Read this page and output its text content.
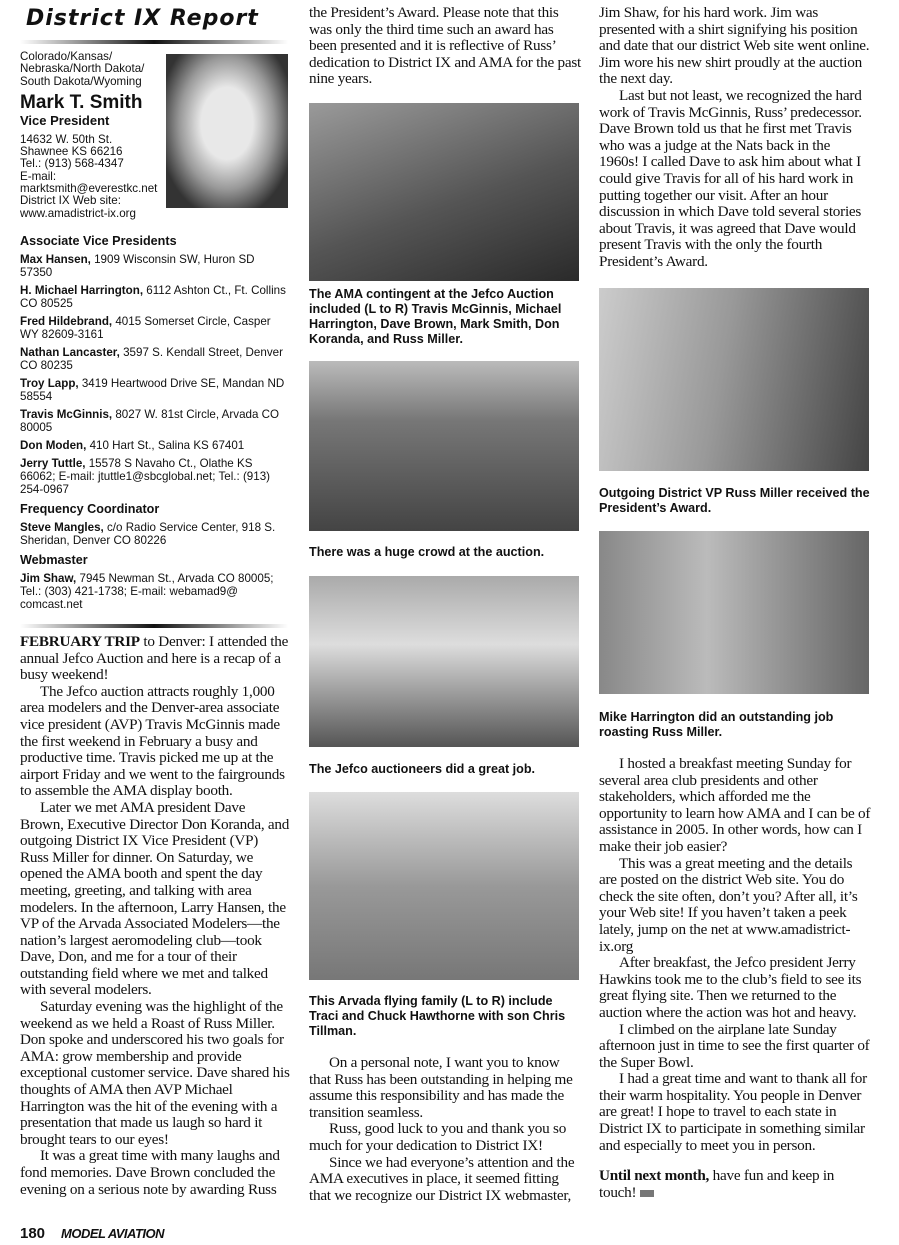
District IX Report
Colorado/Kansas/ Nebraska/North Dakota/ South Dakota/Wyoming
Mark T. Smith
Vice President
14632 W. 50th St.
Shawnee KS 66216
Tel.: (913) 568-4347
E-mail:
marktsmith@everestkc.net
District IX Web site:
www.amadistrict-ix.org
Associate Vice Presidents
Max Hansen, 1909 Wisconsin SW, Huron SD 57350
H. Michael Harrington, 6112 Ashton Ct., Ft. Collins CO 80525
Fred Hildebrand, 4015 Somerset Circle, Casper WY 82609-3161
Nathan Lancaster, 3597 S. Kendall Street, Denver CO 80235
Troy Lapp, 3419 Heartwood Drive SE, Mandan ND 58554
Travis McGinnis, 8027 W. 81st Circle, Arvada CO 80005
Don Moden, 410 Hart St., Salina KS 67401
Jerry Tuttle, 15578 S Navaho Ct., Olathe KS 66062; E-mail: jtuttle1@sbcglobal.net; Tel.: (913) 254-0967
Frequency Coordinator
Steve Mangles, c/o Radio Service Center, 918 S. Sheridan, Denver CO 80226
Webmaster
Jim Shaw, 7945 Newman St., Arvada CO 80005; Tel.: (303) 421-1738; E-mail: webamad9@ comcast.net

FEBRUARY TRIP to Denver: I attended the annual Jefco Auction and here is a recap of a busy weekend!

The Jefco auction attracts roughly 1,000 area modelers and the Denver-area associate vice president (AVP) Travis McGinnis made the first weekend in February a busy and productive time. Travis picked me up at the airport Friday and we went to the fairgrounds to assemble the AMA display booth.

Later we met AMA president Dave Brown, Executive Director Don Koranda, and outgoing District IX Vice President (VP) Russ Miller for dinner. On Saturday, we opened the AMA booth and spent the day meeting, greeting, and talking with area modelers. In the afternoon, Larry Hansen, the VP of the Arvada Associated Modelers—the nation’s largest aeromodeling club—took Dave, Don, and me for a tour of their outstanding field where we met and talked with several modelers.

Saturday evening was the highlight of the weekend as we held a Roast of Russ Miller. Don spoke and underscored his two goals for AMA: grow membership and provide exceptional customer service. Dave shared his thoughts of AMA then AVP Michael Harrington was the hit of the evening with a presentation that made us laugh so hard it brought tears to our eyes!

It was a great time with many laughs and fond memories. Dave Brown concluded the evening on a serious note by awarding Russ

the President’s Award. Please note that this was only the third time such an award has been presented and it is reflective of Russ’ dedication to District IX and AMA for the past nine years.

The AMA contingent at the Jefco Auction included (L to R) Travis McGinnis, Michael Harrington, Dave Brown, Mark Smith, Don Koranda, and Russ Miller.
There was a huge crowd at the auction.
The Jefco auctioneers did a great job.
This Arvada flying family (L to R) include Traci and Chuck Hawthorne with son Chris Tillman.

On a personal note, I want you to know that Russ has been outstanding in helping me assume this responsibility and has made the transition seamless.

Russ, good luck to you and thank you so much for your dedication to District IX!

Since we had everyone’s attention and the AMA executives in place, it seemed fitting that we recognize our District IX webmaster,

Jim Shaw, for his hard work. Jim was presented with a shirt signifying his position and date that our district Web site went online. Jim wore his new shirt proudly at the auction the next day.

Last but not least, we recognized the hard work of Travis McGinnis, Russ’ predecessor. Dave Brown told us that he first met Travis who was a judge at the Nats back in the 1960s! I called Dave to ask him about what I could give Travis for all of his hard work in putting together our visit. After an hour discussion in which Dave told several stories about Travis, it was agreed that Dave would present Travis with the only the fourth President’s Award.

Outgoing District VP Russ Miller received the President’s Award.
Mike Harrington did an outstanding job roasting Russ Miller.

I hosted a breakfast meeting Sunday for several area club presidents and other stakeholders, which afforded me the opportunity to learn how AMA and I can be of assistance in 2005. In other words, how can I make their job easier?

This was a great meeting and the details are posted on the district Web site. You do check the site often, don’t you? After all, it’s your Web site! If you haven’t taken a peek lately, jump on the net at www.amadistrict-ix.org

After breakfast, the Jefco president Jerry Hawkins took me to the club’s field to see its great flying site. Then we returned to the auction where the action was hot and heavy.

I climbed on the airplane late Sunday afternoon just in time to see the first quarter of the Super Bowl.

I had a great time and want to thank all for their warm hospitality. You people in Denver are great! I hope to travel to each state in District IX to participate in something similar and especially to meet you in person.

Until next month, have fun and keep in touch!

180 MODEL AVIATION
